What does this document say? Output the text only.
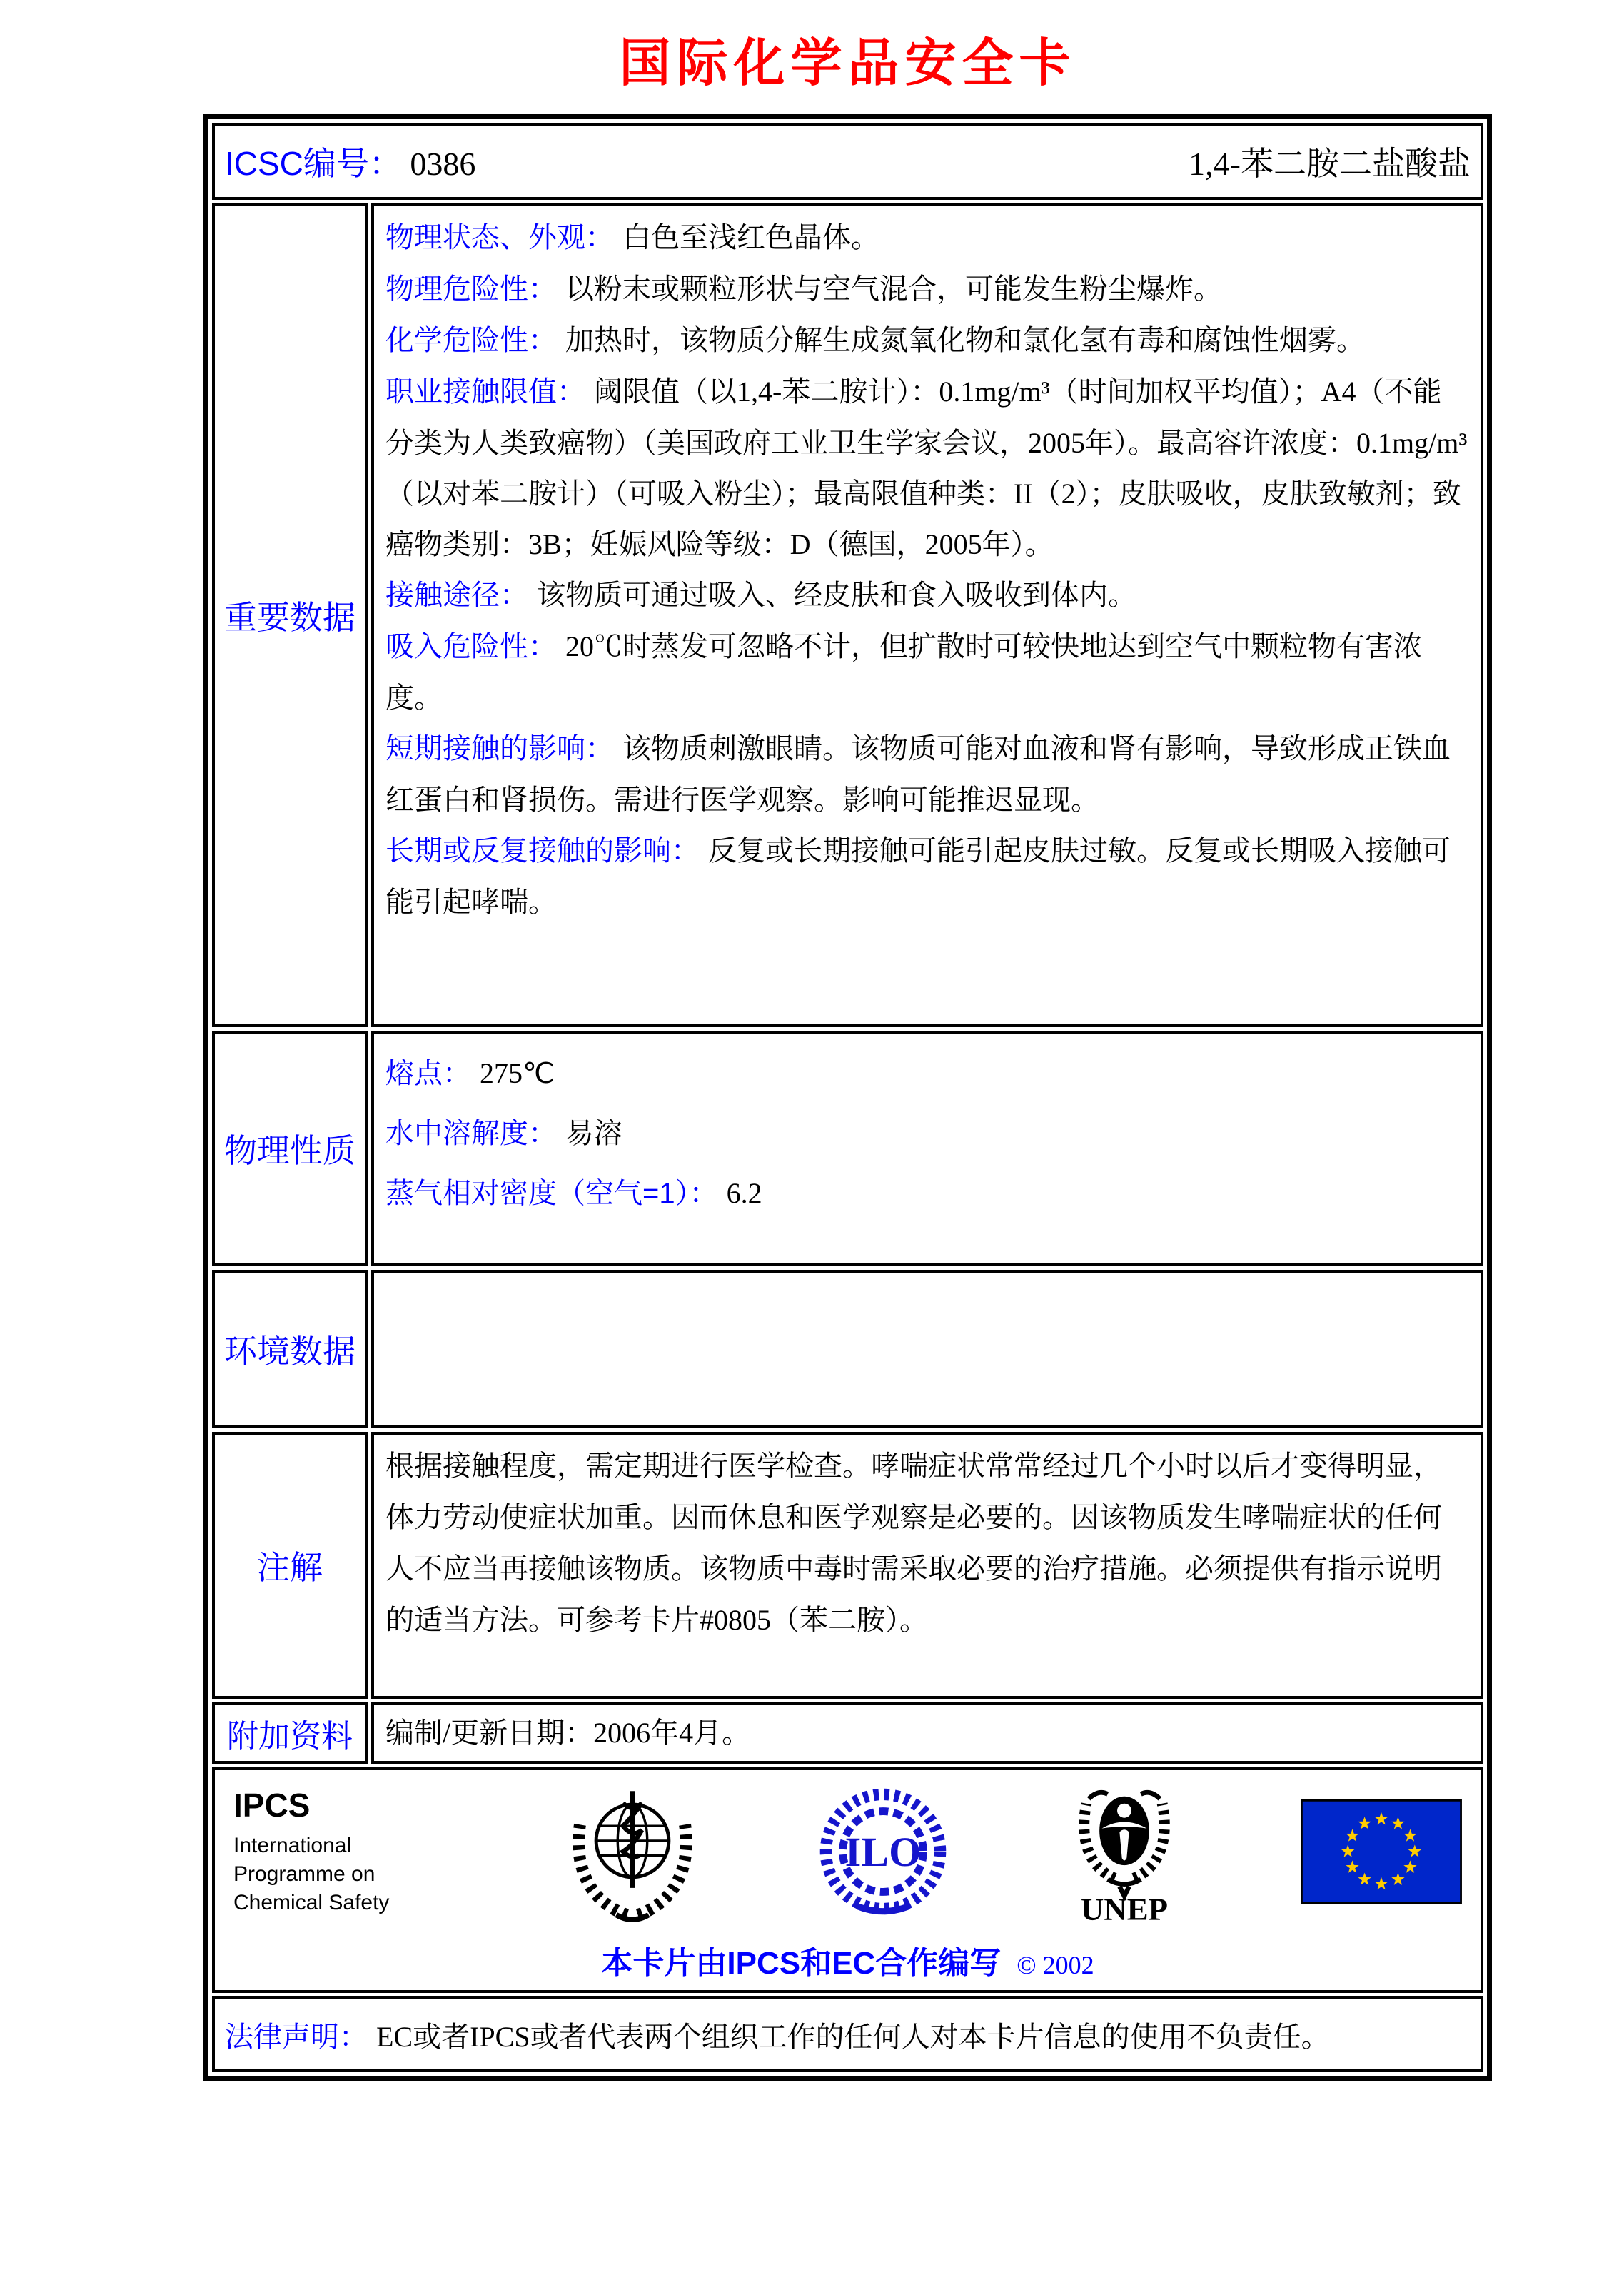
国际化学品安全卡
ICSC编号： 0386 1,4-苯二胺二盐酸盐	

重要数据	

物理状态、外观： 白色至浅红色晶体。

物理危险性： 以粉末或颗粒形状与空气混合，可能发生粉尘爆炸。

化学危险性： 加热时，该物质分解生成氮氧化物和氯化氢有毒和腐蚀性烟雾。

职业接触限值： 阈限值（以1,4-苯二胺计）：0.1mg/m³（时间加权平均值）；A4（不能分类为人类致癌物）（美国政府工业卫生学家会议，2005年）。最高容许浓度：0.1mg/m³（以对苯二胺计）（可吸入粉尘）；最高限值种类：II（2）；皮肤吸收，皮肤致敏剂；致癌物类别：3B；妊娠风险等级：D（德国，2005年）。

接触途径： 该物质可通过吸入、经皮肤和食入吸收到体内。

吸入危险性： 20℃时蒸发可忽略不计，但扩散时可较快地达到空气中颗粒物有害浓度。

短期接触的影响： 该物质刺激眼睛。该物质可能对血液和肾有影响，导致形成正铁血红蛋白和肾损伤。需进行医学观察。影响可能推迟显现。

长期或反复接触的影响： 反复或长期接触可能引起皮肤过敏。反复或长期吸入接触可能引起哮喘。

物理性质	熔点： 275℃

水中溶解度： 易溶

蒸气相对密度（空气=1）： 6.2

环境数据	
注解	根据接触程度，需定期进行医学检查。哮喘症状常常经过几个小时以后才变得明显，体力劳动使症状加重。因而休息和医学观察是必要的。因该物质发生哮喘症状的任何人不应当再接触该物质。该物质中毒时需采取必要的治疗措施。必须提供有指示说明的适当方法。可参考卡片#0805（苯二胺）。
附加资料	编制/更新日期：2006年4月。

IPCS
International
Programme on
Chemical Safety
ILO
UNEP
本卡片由IPCS和EC合作编写 © 2002

法律声明： EC或者IPCS或者代表两个组织工作的任何人对本卡片信息的使用不负责任。	
